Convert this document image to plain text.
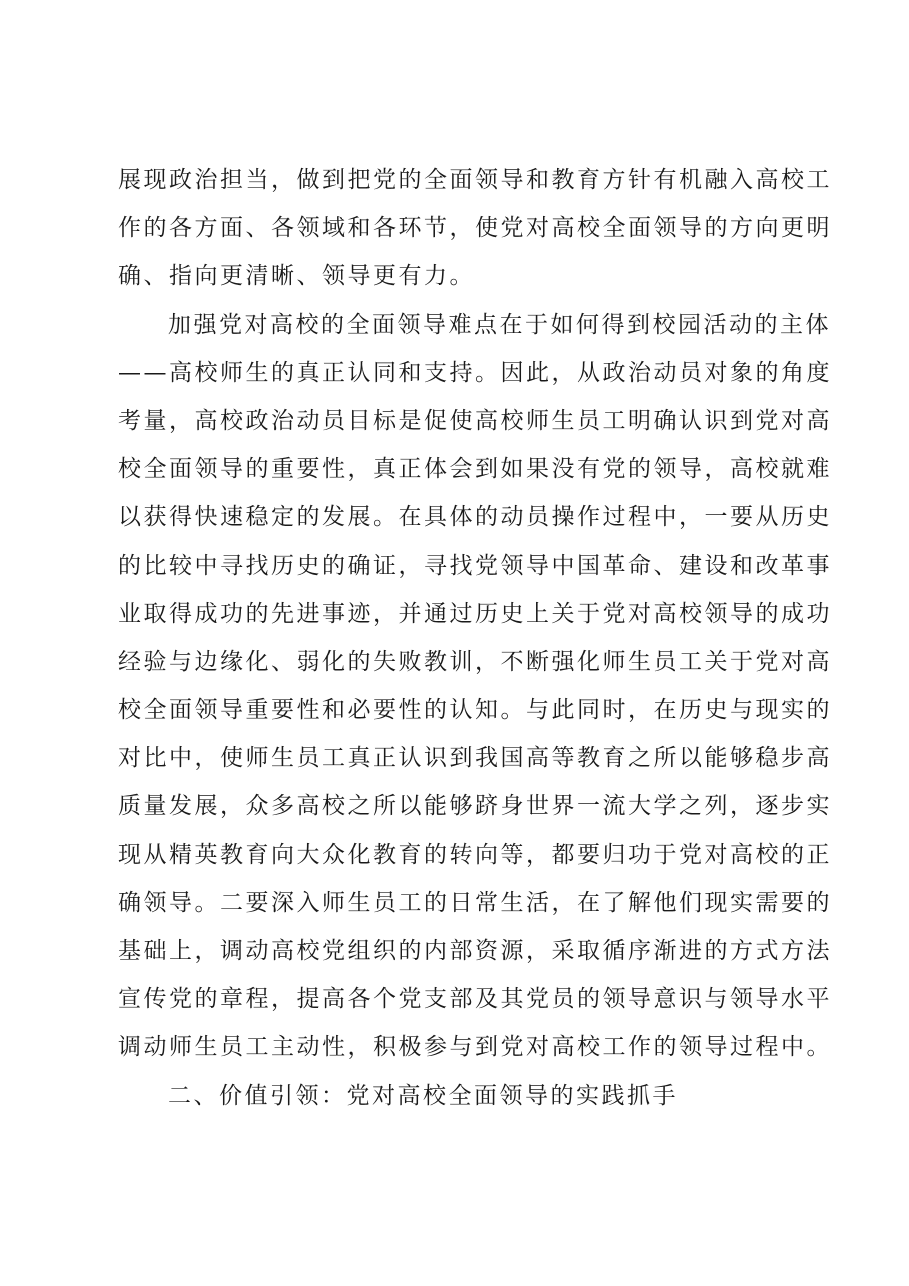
展现政治担当，做到把党的全面领导和教育方针有机融入高校工
作的各方面、各领域和各环节，使党对高校全面领导的方向更明
确、指向更清晰、领导更有力。
加强党对高校的全面领导难点在于如何得到校园活动的主体
——高校师生的真正认同和支持。因此，从政治动员对象的角度
考量，高校政治动员目标是促使高校师生员工明确认识到党对高
校全面领导的重要性，真正体会到如果没有党的领导，高校就难
以获得快速稳定的发展。在具体的动员操作过程中，一要从历史
的比较中寻找历史的确证，寻找党领导中国革命、建设和改革事
业取得成功的先进事迹，并通过历史上关于党对高校领导的成功
经验与边缘化、弱化的失败教训，不断强化师生员工关于党对高
校全面领导重要性和必要性的认知。与此同时，在历史与现实的
对比中，使师生员工真正认识到我国高等教育之所以能够稳步高
质量发展，众多高校之所以能够跻身世界一流大学之列，逐步实
现从精英教育向大众化教育的转向等，都要归功于党对高校的正
确领导。二要深入师生员工的日常生活，在了解他们现实需要的
基础上，调动高校党组织的内部资源，采取循序渐进的方式方法
宣传党的章程，提高各个党支部及其党员的领导意识与领导水平
调动师生员工主动性，积极参与到党对高校工作的领导过程中。
二、价值引领：党对高校全面领导的实践抓手
